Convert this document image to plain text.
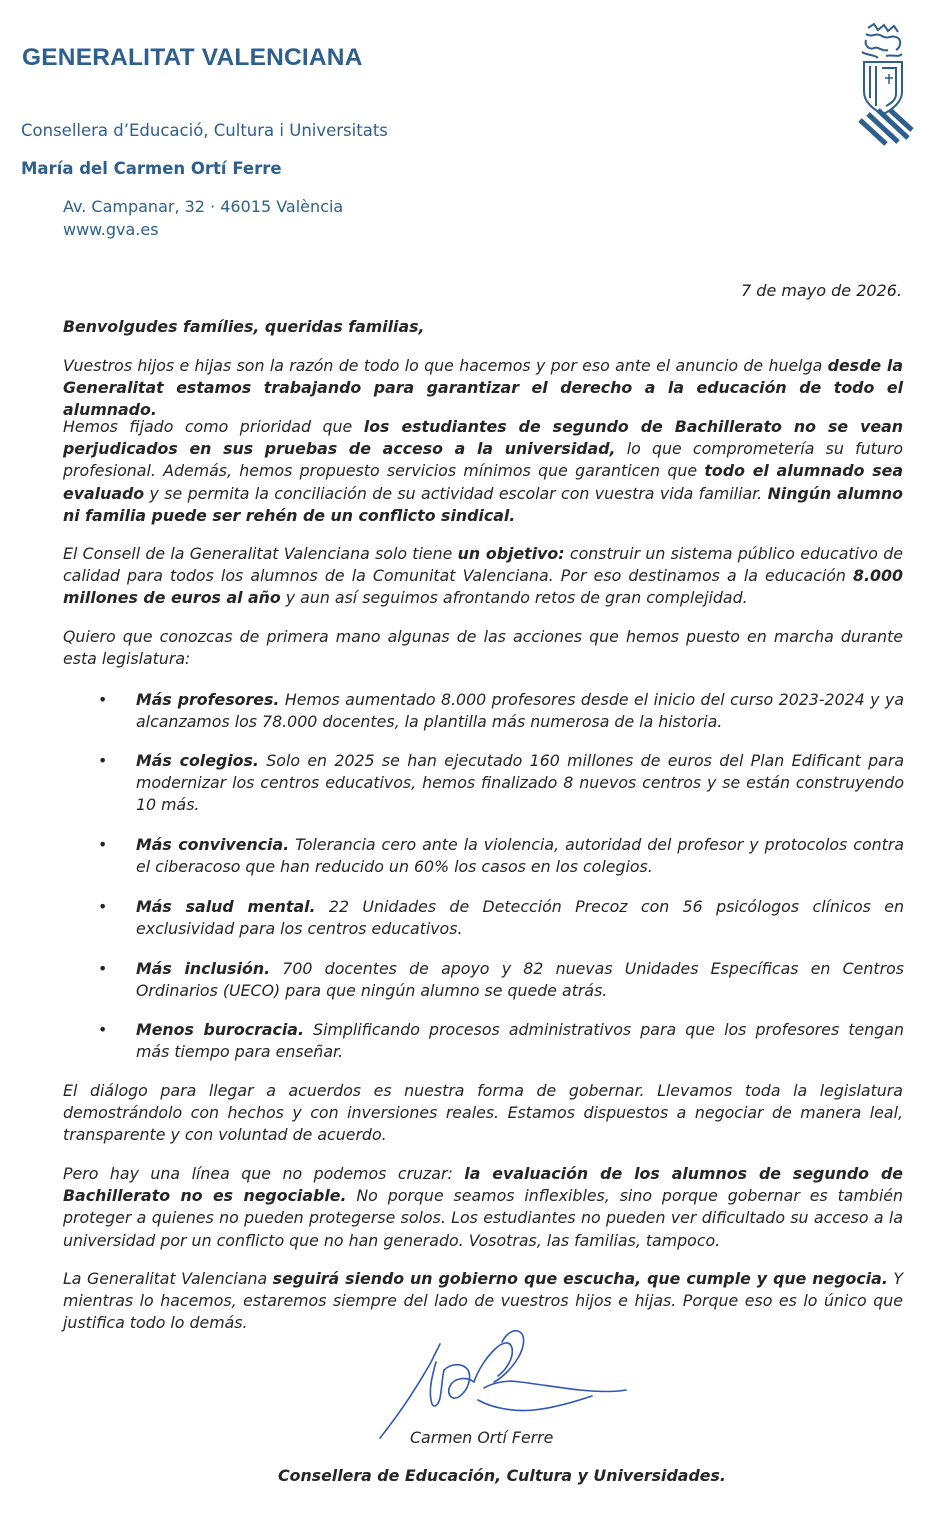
GENERALITAT VALENCIANA
Consellera d’Educació, Cultura i Universitats
María del Carmen Ortí Ferre
Av. Campanar, 32 · 46015 València
www.gva.es
7 de mayo de 2026.
Benvolgudes famílies, queridas familias,

Vuestros hijos e hijas son la razón de todo lo que hacemos y por eso ante el anuncio de huelga desde la Generalitat estamos trabajando para garantizar el derecho a la educación de todo el alumnado.

Hemos fijado como prioridad que los estudiantes de segundo de Bachillerato no se vean perjudicados en sus pruebas de acceso a la universidad, lo que comprometería su futuro profesional. Además, hemos propuesto servicios mínimos que garanticen que todo el alumnado sea evaluado y se permita la conciliación de su actividad escolar con vuestra vida familiar. Ningún alumno ni familia puede ser rehén de un conflicto sindical.

El Consell de la Generalitat Valenciana solo tiene un objetivo: construir un sistema público educativo de calidad para todos los alumnos de la Comunitat Valenciana. Por eso destinamos a la educación 8.000 millones de euros al año y aun así seguimos afrontando retos de gran complejidad.

Quiero que conozcas de primera mano algunas de las acciones que hemos puesto en marcha durante esta legislatura:

• Más profesores. Hemos aumentado 8.000 profesores desde el inicio del curso 2023-2024 y ya alcanzamos los 78.000 docentes, la plantilla más numerosa de la historia.
• Más colegios. Solo en 2025 se han ejecutado 160 millones de euros del Plan Edificant para modernizar los centros educativos, hemos finalizado 8 nuevos centros y se están construyendo 10 más.
• Más convivencia. Tolerancia cero ante la violencia, autoridad del profesor y protocolos contra el ciberacoso que han reducido un 60% los casos en los colegios.
• Más salud mental. 22 Unidades de Detección Precoz con 56 psicólogos clínicos en exclusividad para los centros educativos.
• Más inclusión. 700 docentes de apoyo y 82 nuevas Unidades Específicas en Centros Ordinarios (UECO) para que ningún alumno se quede atrás.
• Menos burocracia. Simplificando procesos administrativos para que los profesores tengan más tiempo para enseñar.

El diálogo para llegar a acuerdos es nuestra forma de gobernar. Llevamos toda la legislatura demostrándolo con hechos y con inversiones reales. Estamos dispuestos a negociar de manera leal, transparente y con voluntad de acuerdo.

Pero hay una línea que no podemos cruzar: la evaluación de los alumnos de segundo de Bachillerato no es negociable. No porque seamos inflexibles, sino porque gobernar es también proteger a quienes no pueden protegerse solos. Los estudiantes no pueden ver dificultado su acceso a la universidad por un conflicto que no han generado. Vosotras, las familias, tampoco.

La Generalitat Valenciana seguirá siendo un gobierno que escucha, que cumple y que negocia. Y mientras lo hacemos, estaremos siempre del lado de vuestros hijos e hijas. Porque eso es lo único que justifica todo lo demás.

Carmen Ortí Ferre
Consellera de Educación, Cultura y Universidades.
